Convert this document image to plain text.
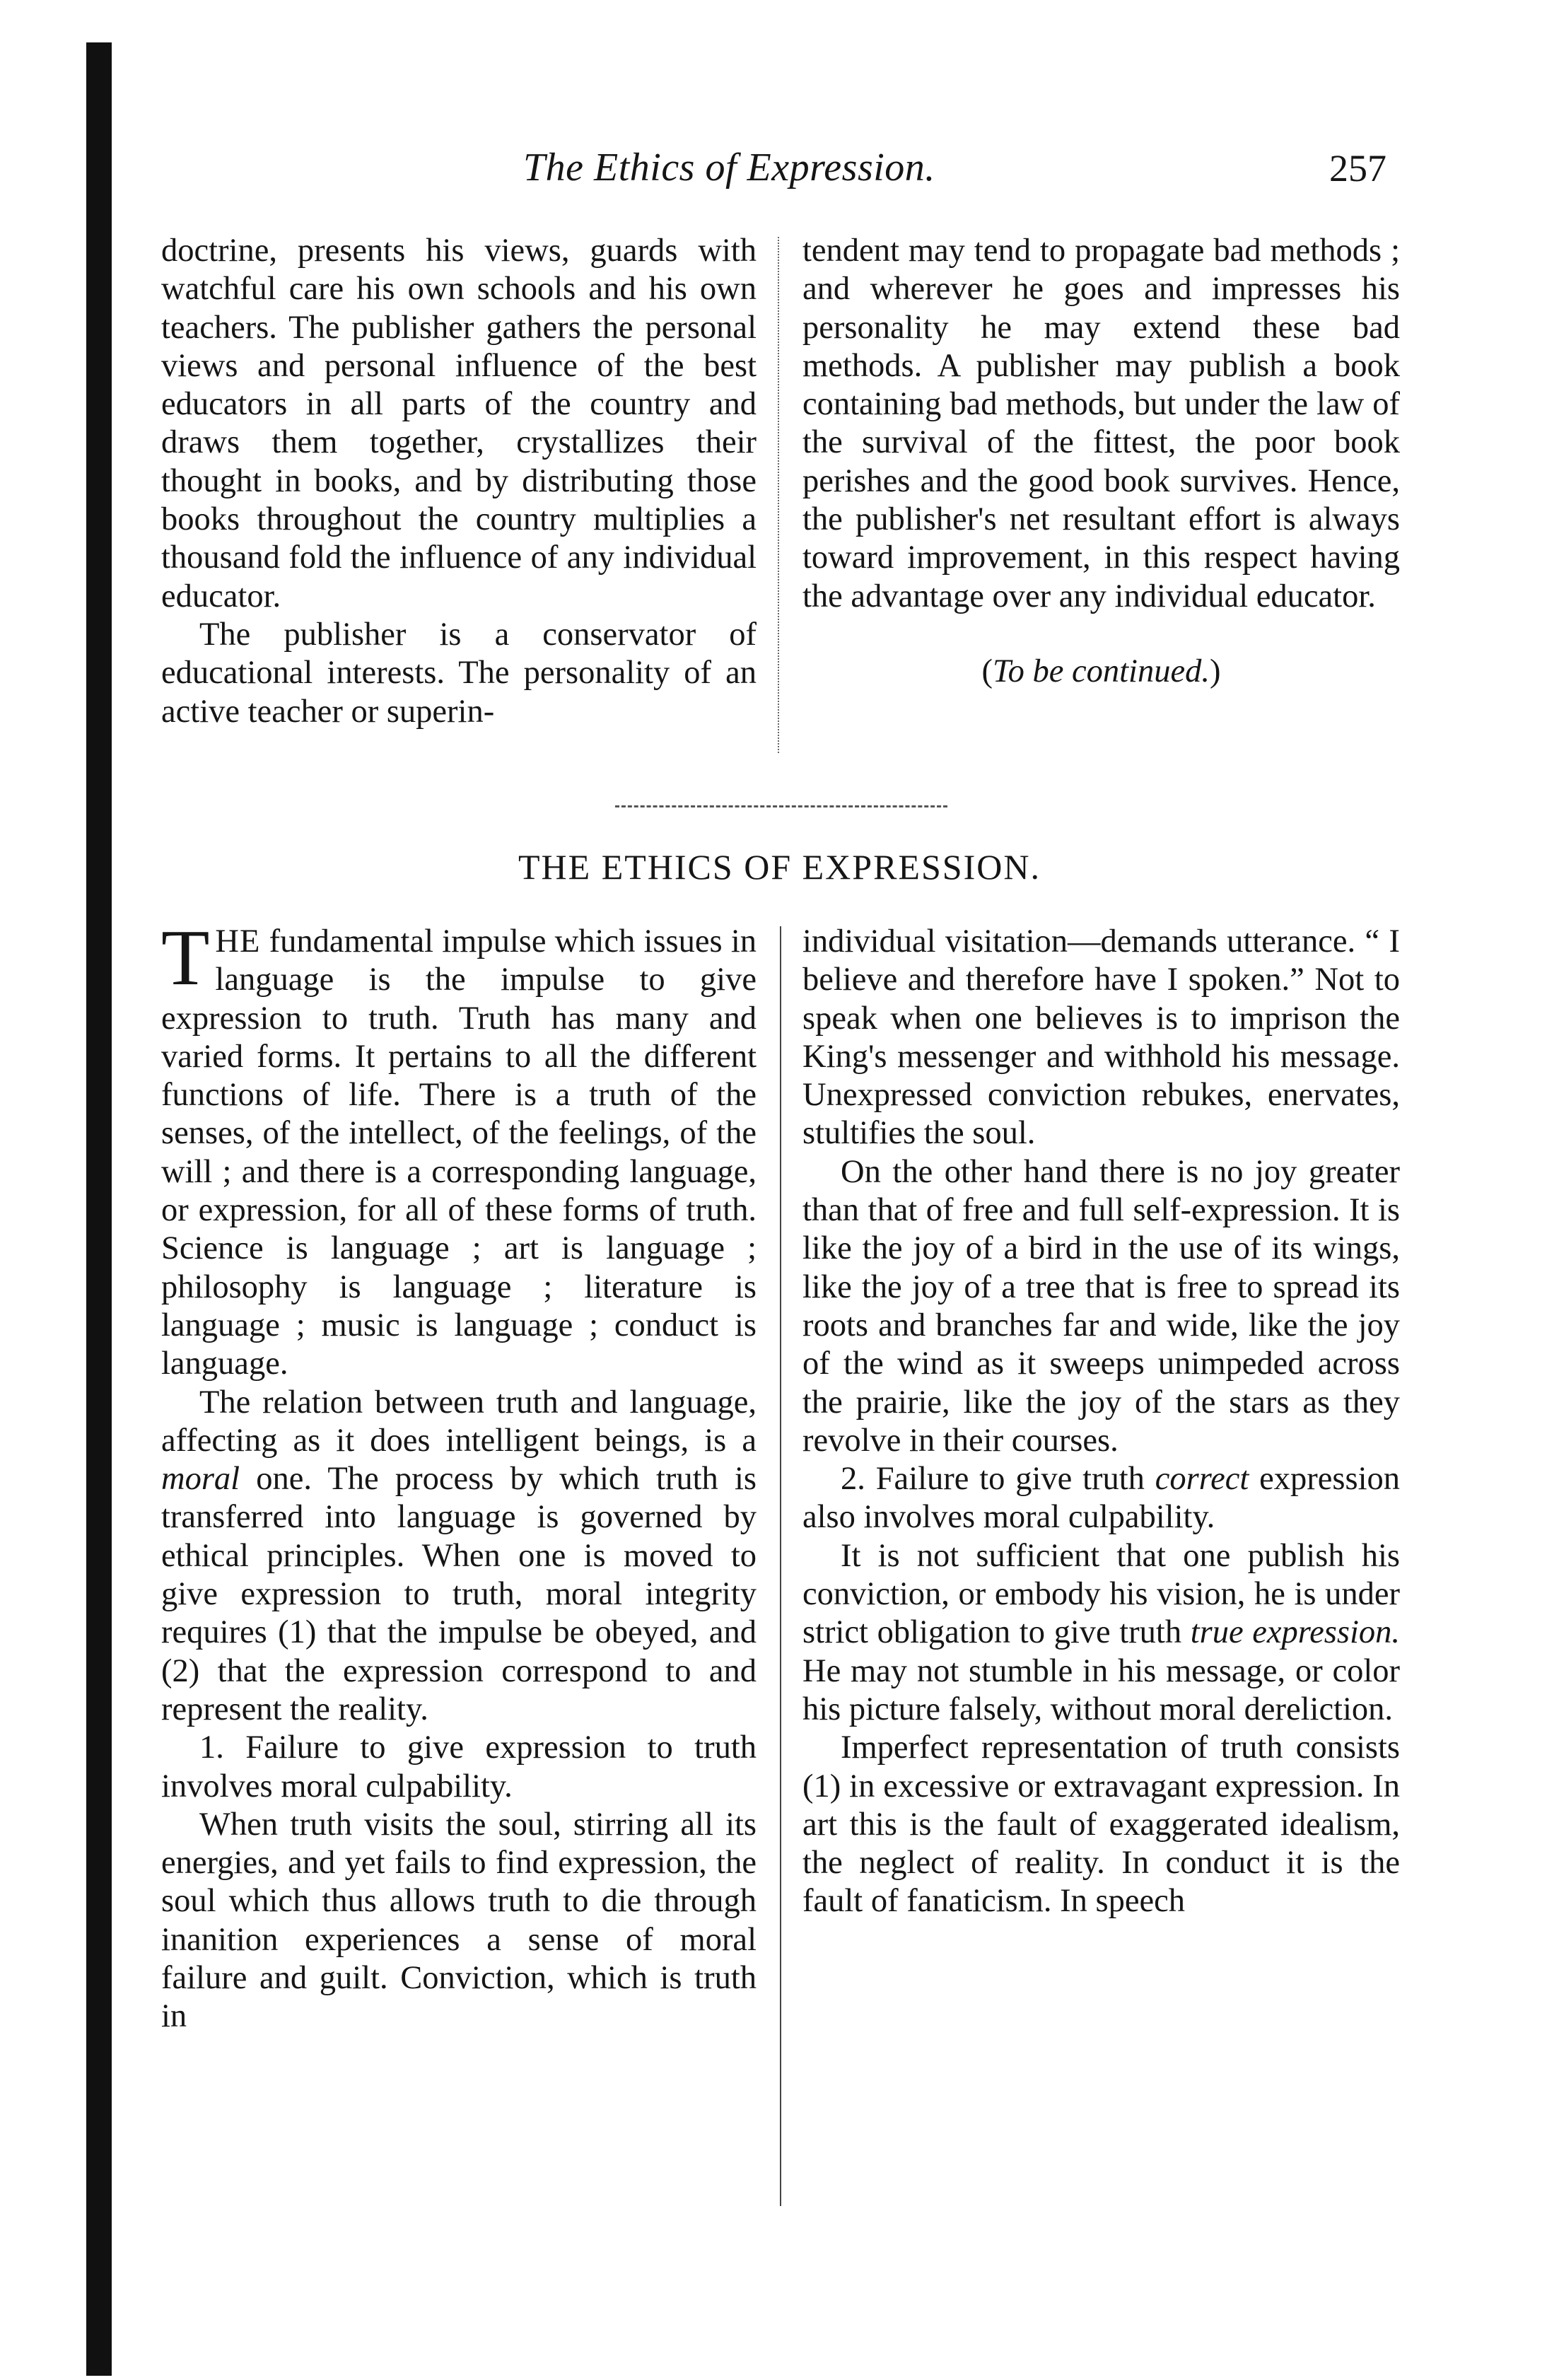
The Ethics of Expression.	257

doctrine, presents his views, guards with watchful care his own schools and his own teachers. The publisher gathers the personal views and personal influence of the best educators in all parts of the country and draws them together, crystallizes their thought in books, and by distributing those books throughout the country multiplies a thousand fold the influence of any individual educator.

The publisher is a conservator of educational interests. The personality of an active teacher or superin-

tendent may tend to propagate bad methods ; and wherever he goes and impresses his personality he may extend these bad methods. A publisher may publish a book containing bad methods, but under the law of the survival of the fittest, the poor book perishes and the good book survives. Hence, the publisher's net resultant effort is always toward improvement, in this respect having the advantage over any individual educator.

(To be continued.)

THE ETHICS OF EXPRESSION.

THE fundamental impulse which issues in language is the impulse to give expression to truth. Truth has many and varied forms. It pertains to all the different functions of life. There is a truth of the senses, of the intellect, of the feelings, of the will ; and there is a corresponding language, or expression, for all of these forms of truth. Science is language ; art is language ; philosophy is language ; literature is language ; music is language ; conduct is language.

The relation between truth and language, affecting as it does intelligent beings, is a moral one. The process by which truth is transferred into language is governed by ethical principles. When one is moved to give expression to truth, moral integrity requires (1) that the impulse be obeyed, and (2) that the expression correspond to and represent the reality.

1. Failure to give expression to truth involves moral culpability.

When truth visits the soul, stirring all its energies, and yet fails to find expression, the soul which thus allows truth to die through inanition experiences a sense of moral failure and guilt. Conviction, which is truth in

individual visitation—demands utterance. “ I believe and therefore have I spoken.” Not to speak when one believes is to imprison the King's messenger and withhold his message. Unexpressed conviction rebukes, enervates, stultifies the soul.

On the other hand there is no joy greater than that of free and full self-expression. It is like the joy of a bird in the use of its wings, like the joy of a tree that is free to spread its roots and branches far and wide, like the joy of the wind as it sweeps unimpeded across the prairie, like the joy of the stars as they revolve in their courses.

2. Failure to give truth correct expression also involves moral culpability.

It is not sufficient that one publish his conviction, or embody his vision, he is under strict obligation to give truth true expression. He may not stumble in his message, or color his picture falsely, without moral dereliction.

Imperfect representation of truth consists (1) in excessive or extravagant expression. In art this is the fault of exaggerated idealism, the neglect of reality. In conduct it is the fault of fanaticism. In speech
